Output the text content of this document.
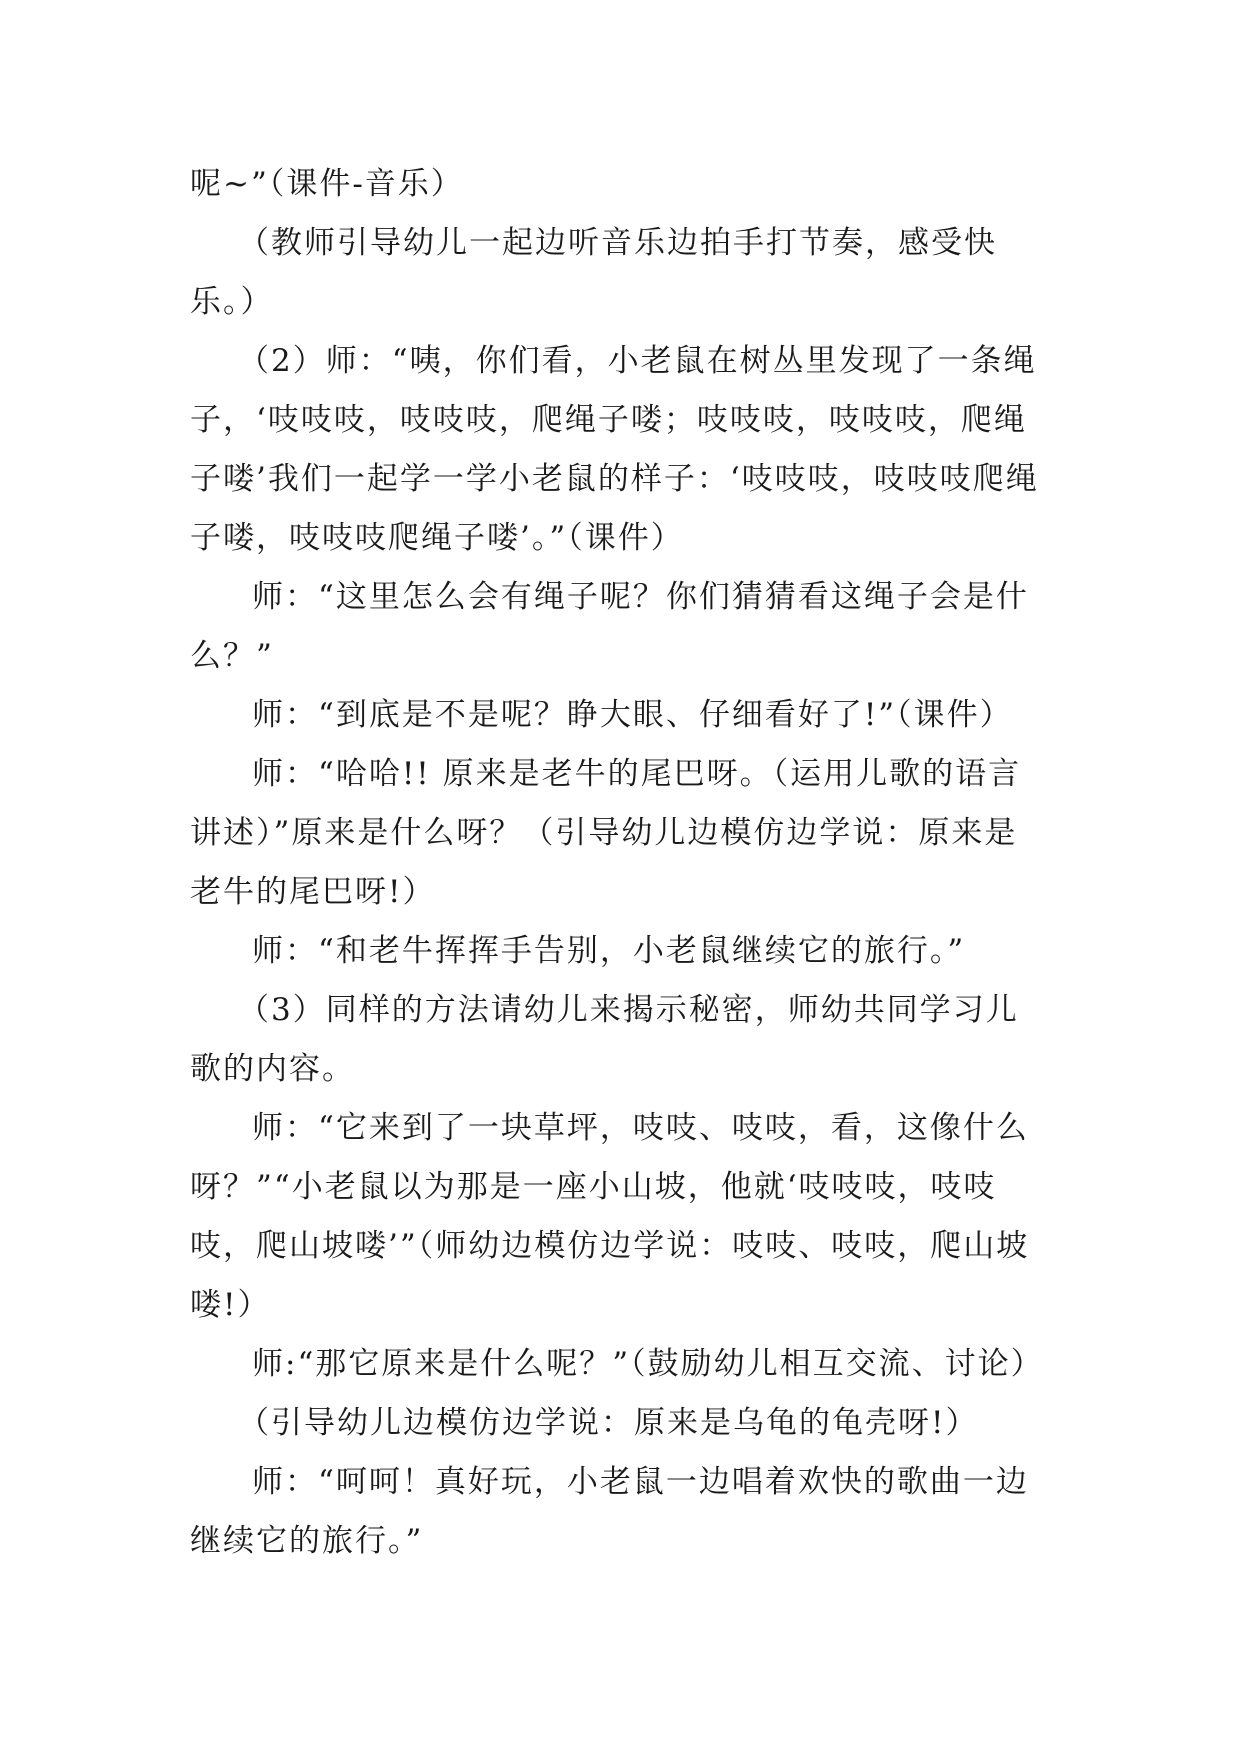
呢~”（课件-音乐）

（教师引导幼儿一起边听音乐边拍手打节奏，感受快乐。）

（2）师：“咦，你们看，小老鼠在树丛里发现了一条绳子，‘吱吱吱，吱吱吱，爬绳子喽；吱吱吱，吱吱吱，爬绳子喽’我们一起学一学小老鼠的样子：‘吱吱吱，吱吱吱爬绳子喽，吱吱吱爬绳子喽’。”（课件）

师：“这里怎么会有绳子呢？你们猜猜看这绳子会是什么？”

师：“到底是不是呢？睁大眼、仔细看好了!”（课件）

师：“哈哈!! 原来是老牛的尾巴呀。（运用儿歌的语言讲述）”原来是什么呀？（引导幼儿边模仿边学说：原来是老牛的尾巴呀!）

师：“和老牛挥挥手告别，小老鼠继续它的旅行。”

（3）同样的方法请幼儿来揭示秘密，师幼共同学习儿歌的内容。

师：“它来到了一块草坪，吱吱、吱吱，看，这像什么呀？”“小老鼠以为那是一座小山坡，他就‘吱吱吱，吱吱吱，爬山坡喽’”（师幼边模仿边学说：吱吱、吱吱，爬山坡喽!）

师:“那它原来是什么呢？”（鼓励幼儿相互交流、讨论）

（引导幼儿边模仿边学说：原来是乌龟的龟壳呀!）

师：“呵呵！真好玩，小老鼠一边唱着欢快的歌曲一边继续它的旅行。”
